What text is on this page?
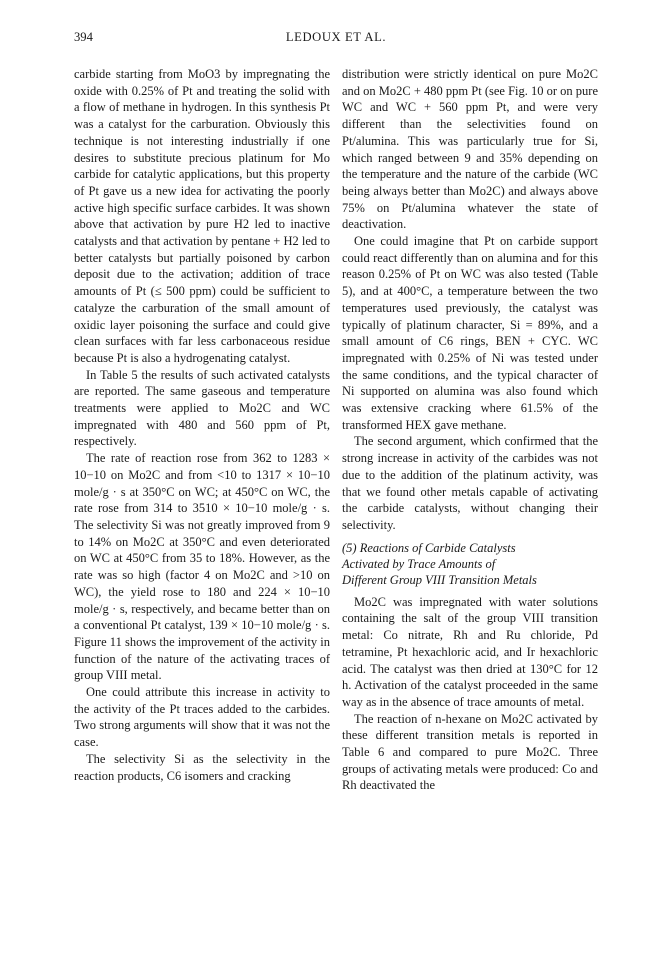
394	LEDOUX ET AL.

carbide starting from MoO3 by impregnating the oxide with 0.25% of Pt and treating the solid with a flow of methane in hydrogen. In this synthesis Pt was a catalyst for the carburation. Obviously this technique is not interesting industrially if one desires to substitute precious platinum for Mo carbide for catalytic applications, but this property of Pt gave us a new idea for activating the poorly active high specific surface carbides. It was shown above that activation by pure H2 led to inactive catalysts and that activation by pentane + H2 led to better catalysts but partially poisoned by carbon deposit due to the activation; addition of trace amounts of Pt (≤ 500 ppm) could be sufficient to catalyze the carburation of the small amount of oxidic layer poisoning the surface and could give clean surfaces with far less carbonaceous residue because Pt is also a hydrogenating catalyst.

In Table 5 the results of such activated catalysts are reported. The same gaseous and temperature treatments were applied to Mo2C and WC impregnated with 480 and 560 ppm of Pt, respectively.

The rate of reaction rose from 362 to 1283 × 10−10 on Mo2C and from <10 to 1317 × 10−10 mole/g · s at 350°C on WC; at 450°C on WC, the rate rose from 314 to 3510 × 10−10 mole/g · s. The selectivity Si was not greatly improved from 9 to 14% on Mo2C at 350°C and even deteriorated on WC at 450°C from 35 to 18%. However, as the rate was so high (factor 4 on Mo2C and >10 on WC), the yield rose to 180 and 224 × 10−10 mole/g · s, respectively, and became better than on a conventional Pt catalyst, 139 × 10−10 mole/g · s. Figure 11 shows the improvement of the activity in function of the nature of the activating traces of group VIII metal.

One could attribute this increase in activity to the activity of the Pt traces added to the carbides. Two strong arguments will show that it was not the case.

The selectivity Si as the selectivity in the reaction products, C6 isomers and cracking

distribution were strictly identical on pure Mo2C and on Mo2C + 480 ppm Pt (see Fig. 10 or on pure WC and WC + 560 ppm Pt, and were very different than the selectivities found on Pt/alumina. This was particularly true for Si, which ranged between 9 and 35% depending on the temperature and the nature of the carbide (WC being always better than Mo2C) and always above 75% on Pt/alumina whatever the state of deactivation.

One could imagine that Pt on carbide support could react differently than on alumina and for this reason 0.25% of Pt on WC was also tested (Table 5), and at 400°C, a temperature between the two temperatures used previously, the catalyst was typically of platinum character, Si = 89%, and a small amount of C6 rings, BEN + CYC. WC impregnated with 0.25% of Ni was tested under the same conditions, and the typical character of Ni supported on alumina was also found which was extensive cracking where 61.5% of the transformed HEX gave methane.

The second argument, which confirmed that the strong increase in activity of the carbides was not due to the addition of the platinum activity, was that we found other metals capable of activating the carbide catalysts, without changing their selectivity.

(5) Reactions of Carbide Catalysts
Activated by Trace Amounts of
Different Group VIII Transition Metals

Mo2C was impregnated with water solutions containing the salt of the group VIII transition metal: Co nitrate, Rh and Ru chloride, Pd tetramine, Pt hexachloric acid, and Ir hexachloric acid. The catalyst was then dried at 130°C for 12 h. Activation of the catalyst proceeded in the same way as in the absence of trace amounts of metal.

The reaction of n-hexane on Mo2C activated by these different transition metals is reported in Table 6 and compared to pure Mo2C. Three groups of activating metals were produced: Co and Rh deactivated the
